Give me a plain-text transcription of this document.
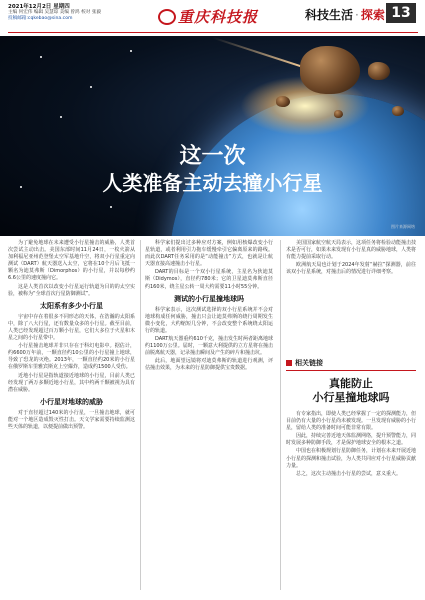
2021年12月2日 星期四
主编 何宏伟 编辑 吴慧琼 美编 曾鸿 校对 张毅
投稿邮箱:cqkebao@sina.com	重庆科技报	科技生活 · 探索 13
这一次
人类准备主动去撞小行星
图片来源网络

为了避免地球在未来遭受小行星撞击的威胁，人类首次尝试主动出击。美国东部时间11月24日，一枚火箭从加利福尼亚州范登堡太空军基地升空，将双小行星重定向测试（DART）航天器送入太空，它将在10个月后飞抵一颗名为迪莫弗斯（Dimorphos）的小行星，并以每秒约6.6公里的速度撞向它。

这是人类首次以改变小行星运行轨道为目的的太空实验，被称为“全球首次行星防御测试”。

太阳系有多少小行星

宇宙中存在着很多不同形态的天体，在浩瀚的太阳系中，除了八大行星，还有数量众多的小行星。截至目前，人类已经发现超过百万颗小行星，它们大多位于火星和木星之间的小行星带中。

小行星撞击地球并非只存在于科幻电影中。据估计，约6600万年前，一颗直径约10公里的小行星撞上地球，导致了恐龙的灭绝。2013年，一颗直径约20米的小行星在俄罗斯车里雅宾斯克上空爆炸，造成约1500人受伤。

近地小行星是指轨道接近地球的小行星，目前人类已经发现了两万多颗近地小行星，其中约两千颗被视为具有潜在威胁。

小行星对地球的威胁

对于直径超过140米的小行星，一旦撞击地球，就可能对一个地区造成毁灭性打击。天文学家需要持续监测这些天体的轨道，以便提前做出预警。

科学家们提出过多种应对方案，例如用核爆改变小行星轨道，或者利用引力拖车缓慢牵引它偏离原来的路线。而此次DART任务采用的是“动能撞击”方式，也就是让航天器直接高速撞击小行星。

DART的目标是一个双小行星系统，主星名为狄迪莫斯（Didymos），直径约780米；它的卫星迪莫弗斯直径约160米，绕主星公转一周大约需要11小时55分钟。

测试的小行星撞地球吗

科学家表示，这次测试选择的双小行星系统并不会对地球构成任何威胁，撞击只会让迪莫弗斯的绕行周期发生微小变化，大约缩短几分钟，不会改变整个系统绕太阳运行的轨道。

DART航天器重约610千克，撞击发生时两者距离地球约1100万公里。届时，一颗意大利提供的立方星将在撞击前脱离航天器，记录撞击瞬间及产生的碎片和撞击坑。

此后，地面望远镜将对迪莫弗斯的轨道进行观测，评估撞击效果，为未来的行星防御提供宝贵数据。

美国国家航空航天局表示，这项任务将检验动能撞击技术是否可行，如果未来发现有小行星真的威胁地球，人类将有能力提前采取行动。

欧洲航天局也计划于2024年发射“赫拉”探测器，前往该双小行星系统，对撞击后的情况进行详细考察。

相关链接
真能防止
小行星撞地球吗

有专家指出，即使人类已经掌握了一定的探测能力，但目前仍有大量的小行星尚未被发现。一旦发现有威胁的小行星，留给人类的准备时间可能非常有限。

因此，持续完善近地天体监测网络，提升预警能力，同时发展多种防御手段，才是保护地球安全的根本之道。

中国也在积极规划行星防御任务，计划在未来开展近地小行星的探测和撞击试验，为人类共同应对小行星威胁贡献力量。

总之，这次主动撞击小行星的尝试，意义重大。
